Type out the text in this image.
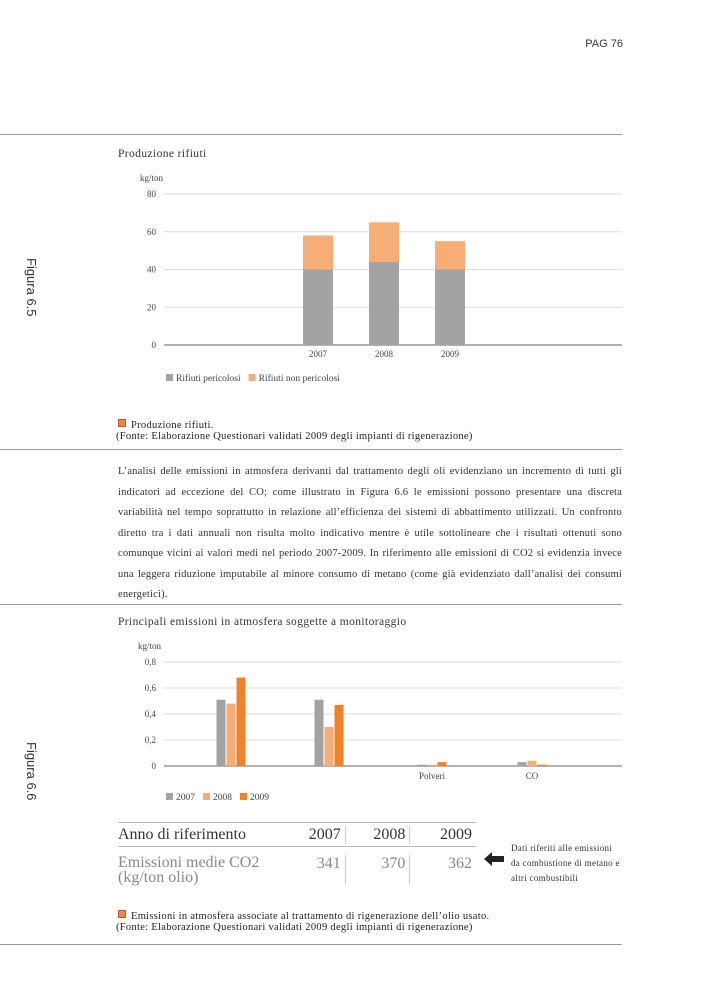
PAG 76
Figura 6.5
Figura 6.6
Produzione rifiuti
kg/ton
0
20
40
60
80
2007	2008	2009
Rifiuti pericolosi Rifiuti non pericolosi
Produzione rifiuti.
(Fonte: Elaborazione Questionari validati 2009 degli impianti di rigenerazione)
L’analisi delle emissioni in atmosfera derivanti dal trattamento degli oli evidenziano un incremento di tutti gli indicatori ad eccezione del CO; come illustrato in Figura 6.6 le emissioni possono presentare una discreta variabilità nel tempo soprattutto in relazione all’efficienza dei sistemi di abbattimento utilizzati. Un confronto diretto tra i dati annuali non risulta molto indicativo mentre è utile sottolineare che i risultati ottenuti sono comunque vicini ai valori medi nel periodo 2007-2009. In riferimento alle emissioni di CO2 si evidenzia invece una leggera riduzione imputabile al minore consumo di metano (come già evidenziato dall’analisi dei consumi energetici).
Principali emissioni in atmosfera soggette a monitoraggio
kg/ton
0
0,2
0,4
0,6
0,8
Polveri	CO
2007 2008 2009
Anno di riferimento	2007	2008	2009
Emissioni medie CO2
(kg/ton olio)
341	370	362
Dati riferiti alle emissioni
da combustione di metano e
altri combustibili
Emissioni in atmosfera associate al trattamento di rigenerazione dell’olio usato.
(Fonte: Elaborazione Questionari validati 2009 degli impianti di rigenerazione)
